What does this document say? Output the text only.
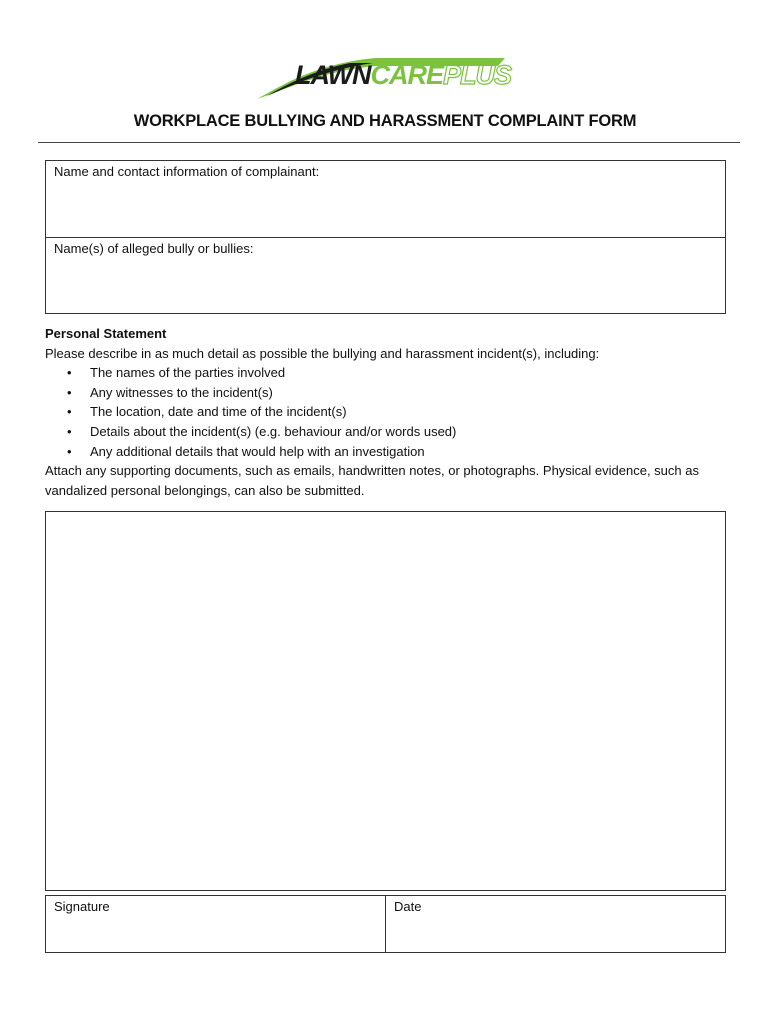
LAWNCAREPLUS
WORKPLACE BULLYING AND HARASSMENT COMPLAINT FORM
Name and contact information of complainant:
Name(s) of alleged bully or bullies:
Personal Statement
Please describe in as much detail as possible the bullying and harassment incident(s), including:
• The names of the parties involved
• Any witnesses to the incident(s)
• The location, date and time of the incident(s)
• Details about the incident(s) (e.g. behaviour and/or words used)
• Any additional details that would help with an investigation
Attach any supporting documents, such as emails, handwritten notes, or photographs. Physical evidence, such as vandalized personal belongings, can also be submitted.
Signature	Date
